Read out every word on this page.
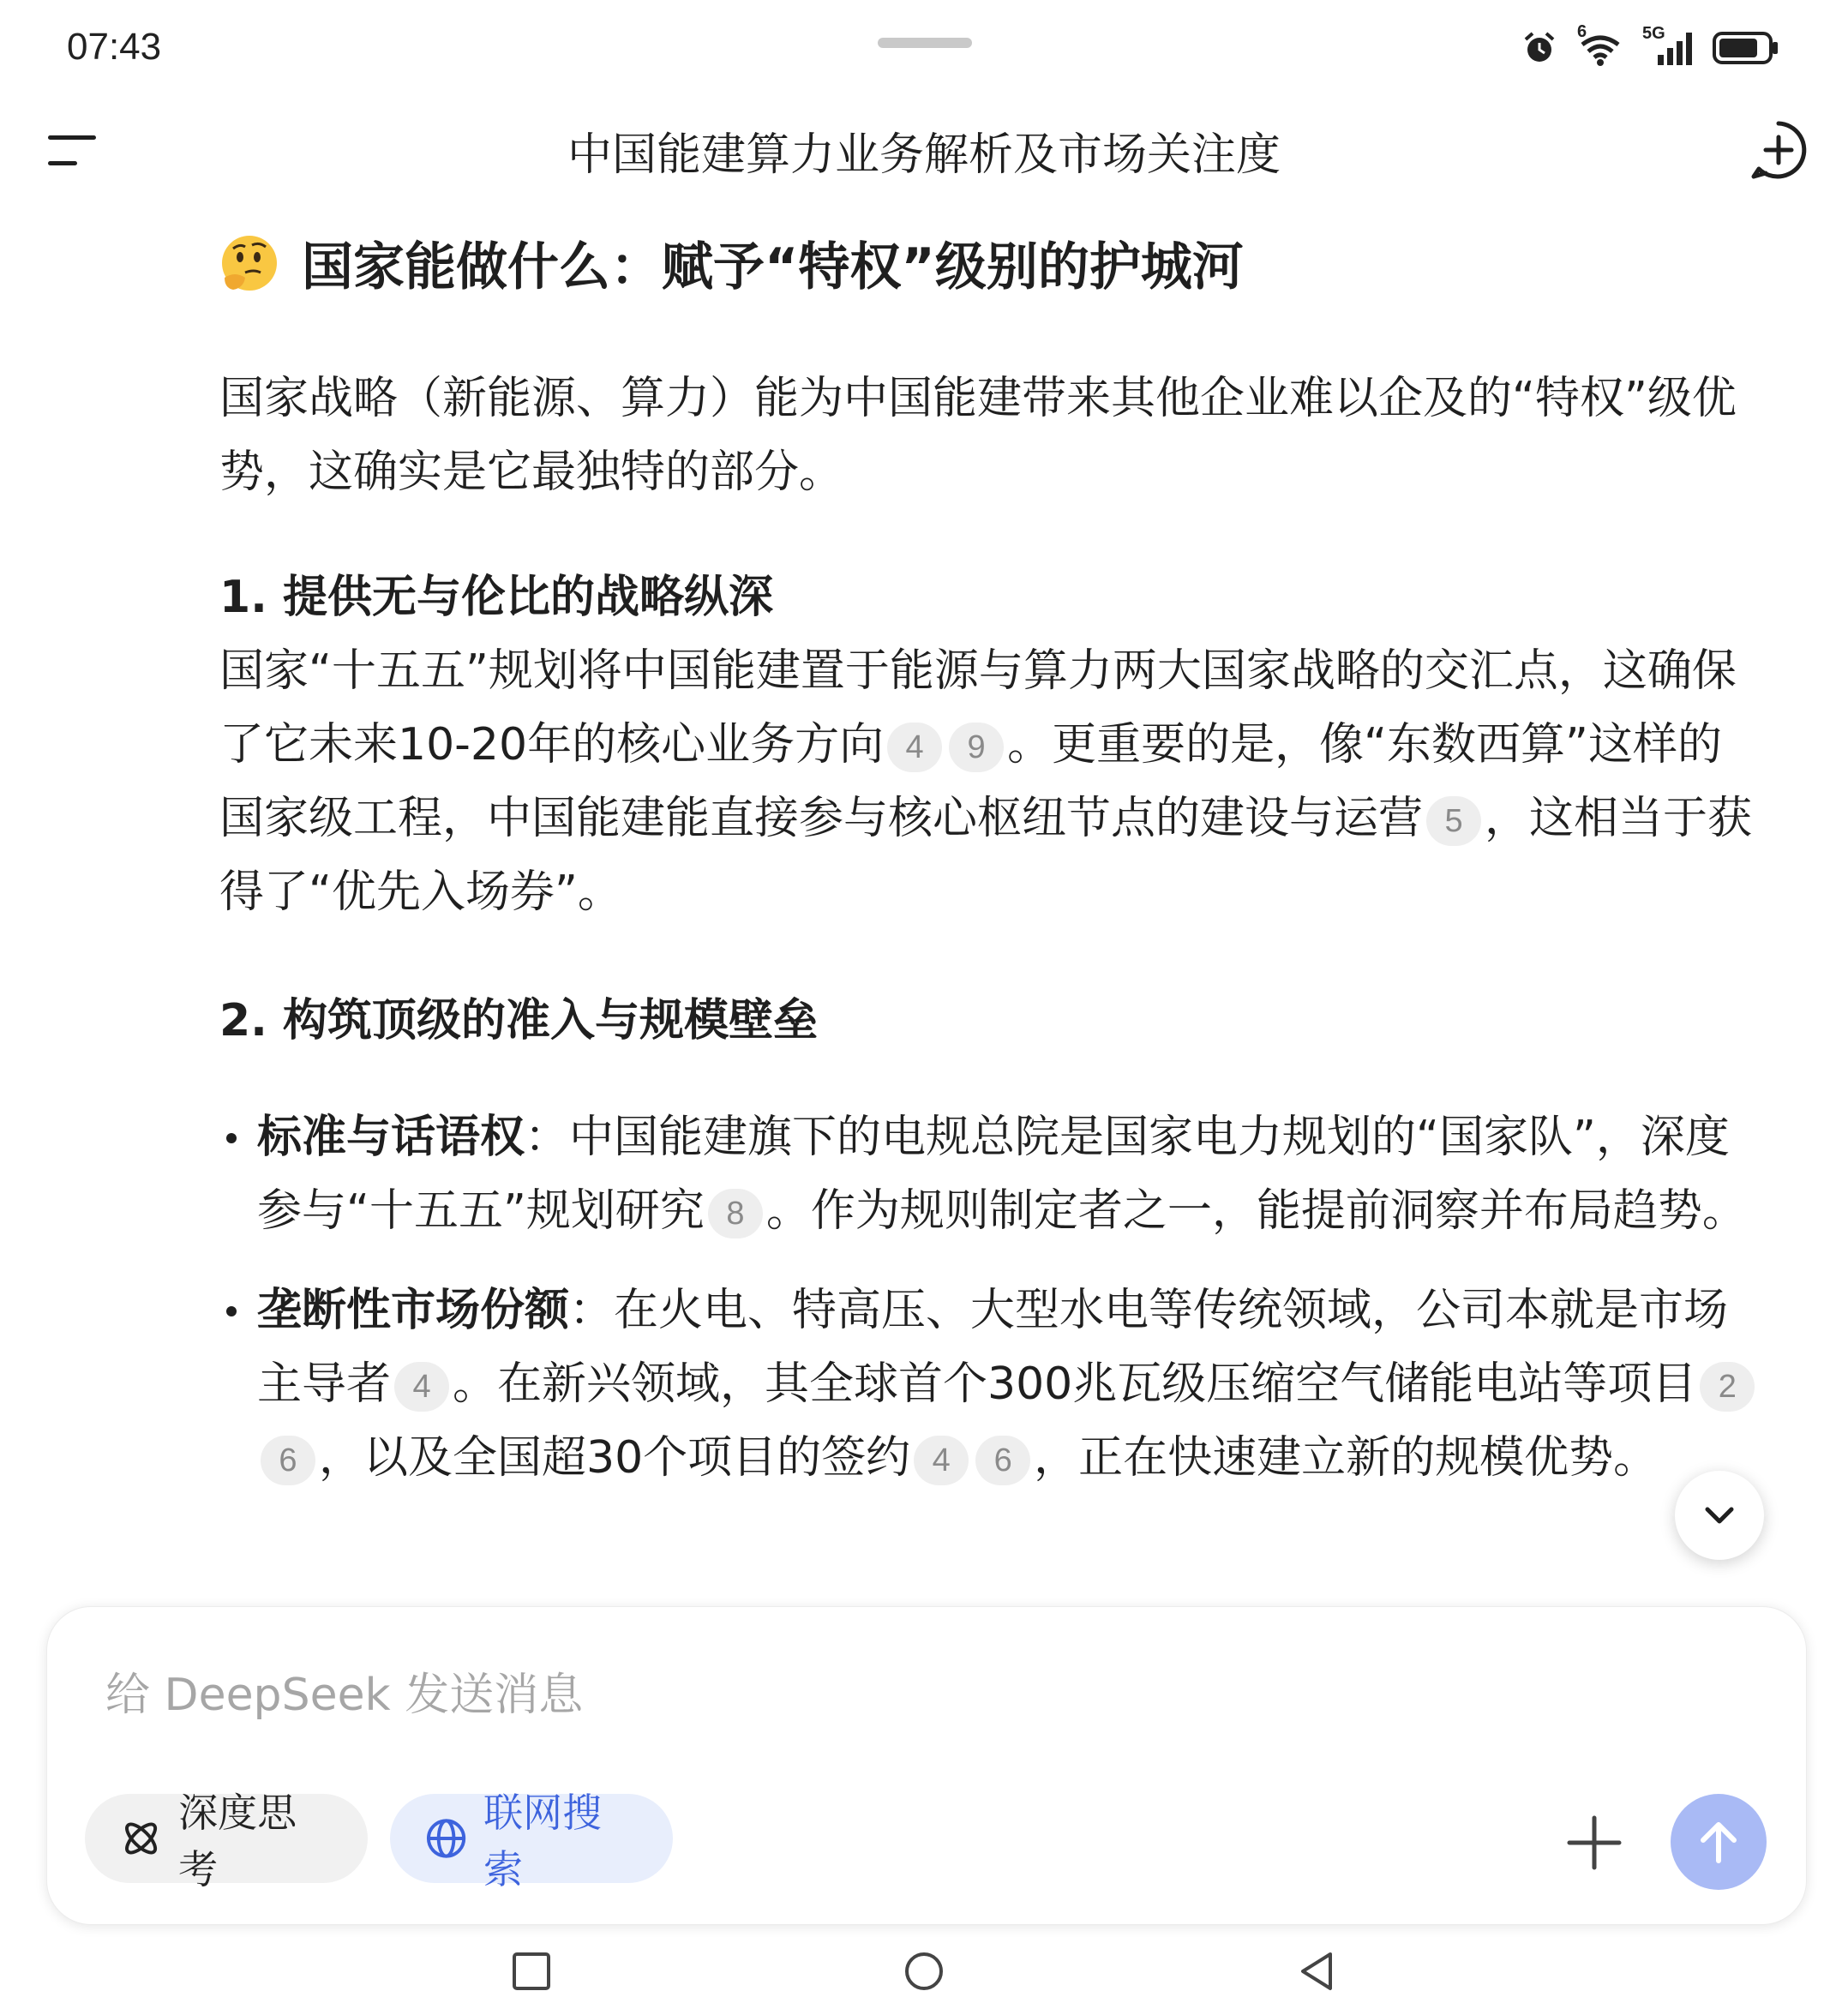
07:43	6	5G
中国能建算力业务解析及市场关注度
国家能做什么：赋予“特权”级别的护城河

国家战略（新能源、算力）能为中国能建带来其他企业难以企及的“特权”级优势，这确实是它最独特的部分。

1. 提供无与伦比的战略纵深

国家“十五五”规划将中国能建置于能源与算力两大国家战略的交汇点，这确保了它未来10-20年的核心业务方向 4 9 。更重要的是，像“东数西算”这样的国家级工程，中国能建能直接参与核心枢纽节点的建设与运营 5 ，这相当于获得了“优先入场券”。

2. 构筑顶级的准入与规模壁垒

标准与话语权：中国能建旗下的电规总院是国家电力规划的“国家队”，深度参与“十五五”规划研究 8 。作为规则制定者之一，能提前洞察并布局趋势。
垄断性市场份额：在火电、特高压、大型水电等传统领域，公司本就是市场主导者 4 。在新兴领域，其全球首个300兆瓦级压缩空气储能电站等项目 26 ，以及全国超30个项目的签约 4 6 ，正在快速建立新的规模优势。
给 DeepSeek 发送消息
深度思考
联网搜索
